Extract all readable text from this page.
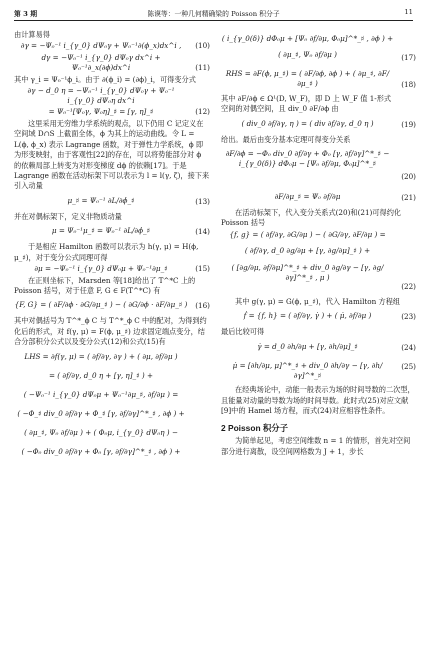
第 3 期	陈谟等：一种几何精确梁的 Poisson 积分子	11

由计算易得

∂γ = −Ψ₀⁻¹ i_{γ_0} dΨ₀γ + Ψ₀⁻¹∂(ϕ_x)dx^i ,	(10)
dγ = −Ψ₀⁻¹ i_{γ_0} dΨ₀γ dx^i + Ψ₀⁻¹∂_x(∂ϕ)dx^i	(11)

其中 γ_i = Ψ₀⁻¹ϕ_i。由于 ∂(ϕ_i) = (∂ϕ)_i，可得变分式

∂γ − d_0 η = −Ψ₀⁻¹ i_{γ_0} dΨ₀γ + Ψ₀⁻¹ i_{γ_0} dΨ₀η dx^i
= Ψ₀⁻¹[Ψ₀γ, Ψ₀η]_♯ = [γ, η]_♯	(12)

这里采用无穷维力学系统的观点，以下仍用 C 记定义在空间域 D∩S 上截面全体，ϕ 为其上的运动曲线。令 L = L(ϕ, ϕ_x) 表示 Lagrange 函数，对于弹性力学系统，ϕ 即为形变映射，由于客观性[22]的存在，可以将势能部分对 ϕ 的依赖局部上转变为对形变梯度 dϕ 的依赖[17]。于是 Lagrange 函数在活动标架下可以表示为 l = l(γ, ζ)，接下来引入动量

μ_♯ = Ψ₀⁻¹ ∂L/∂ϕ̇_♯	(13)

并在对偶标架下，定义非物质动量

μ = Ψ₀⁻¹μ_♯ = Ψ₀⁻¹ ∂L/∂ϕ̇_♯	(14)

于是相应 Hamilton 函数可以表示为 h(γ, μ) = H(ϕ, μ_♯)，对于变分公式同理可得

∂μ = −Ψ₀⁻¹ i_{γ_0} dΨ₀μ + Ψ₀⁻¹∂μ_♯	(15)

在正则坐标下，Marsden 等[18]给出了 T^*C 上的 Poisson 括号，对于任意 F, G ∈ F(T^*C) 有

{F, G} = ( ∂F/∂ϕ · ∂G/∂μ_♯ ) − ( ∂G/∂ϕ · ∂F/∂μ_♯ )	(16)

其中对偶括号为 T^*_ϕ C 与 T^*_ϕ C 中的配对，为得到约化后的形式，对 f(γ, μ) = F(ϕ, μ_♯) 边求固定端点变分，结合分部积分公式以及变分公式(12)和公式(15)有

LHS = ∂f(γ, μ) = ( ∂f/∂γ, ∂γ ) + ( ∂μ, ∂f/∂μ )
= ( ∂f/∂γ, d_0 η + [γ, η]_♯ ) +
( −Ψ₀⁻¹ i_{γ_0} dΨ₀μ + Ψ₀⁻¹∂μ_♯, ∂f/∂μ ) =
( −Φ_♯ div_0 ∂f/∂γ + Φ_♯ [γ, ∂f/∂γ]^*_♯ , ∂ϕ ) +
( ∂μ_♯, Ψ₀ ∂f/∂μ ) + ( Φ₀μ, i_{γ_0} dΨ₀η ) −
( −Φ₀ div_0 ∂f/∂γ + Φ₀ [γ, ∂f/∂γ]^*_♯ , ∂ϕ ) +
( i_{γ_0(δ)} dΦ₀μ + [Ψ₀ ∂f/∂μ, Φ₀μ]^*_♯ , ∂ϕ ) +
( ∂μ_♯, Ψ₀ ∂f/∂μ )	(17)
RHS = ∂F(ϕ, μ_♯) = ( ∂F/∂ϕ, ∂ϕ ) + ( ∂μ_♯, ∂F/∂μ_♯ )	(18)

其中 ∂F/∂ϕ ∈ Ω¹(D, W_F)，即 D 上 W_F 值 1-形式

空间的对偶空间，且 div_0 ∂F/∂ϕ 由

( div_0 ∂f/∂γ, η ) = ( div ∂f/∂γ, d_0 η )	(19)

给出。最后由变分基本定理可得变分关系

∂F/∂ϕ = −Φ₀ div_0 ∂f/∂γ + Φ₀ [γ, ∂f/∂γ]^*_♯ − i_{γ_0(δ)} dΦ₀μ − [Ψ₀ ∂f/∂μ, Φ₀μ]^*_♯
(20)
∂F/∂μ_♯ = Ψ₀ ∂f/∂μ	(21)

在活动标架下，代入变分关系式(20)和(21)可得约化 Poisson 括号

{f, g} = ( ∂f/∂γ, ∂G/∂μ ) − ( ∂G/∂γ, ∂F/∂μ ) =
( ∂f/∂γ, d_0 ∂g/∂μ + [γ, ∂g/∂μ]_♯ ) +
( [∂g/∂μ, ∂f/∂μ]^*_♯ + div_0 ∂g/∂γ − [γ, ∂g/∂γ]^*_♯ , μ )
(22)

其中 g(γ, μ) = G(ϕ, μ_♯)，代入 Hamilton 方程组

ḟ = {f, h} = ( ∂f/∂γ, γ̇ ) + ( μ̇, ∂f/∂μ )	(23)

最后比较可得

γ̇ = d_0 ∂h/∂μ + [γ, ∂h/∂μ]_♯	(24)
μ̇ = [∂h/∂μ, μ]^*_♯ + div_0 ∂h/∂γ − [γ, ∂h/∂γ]^*_♯
(25)

在经典场论中，动能一般表示为场的时间导数的二次型，且能量对动量的导数为场的时间导数。此时式(25)对应文献[9]中的 Hamel 场方程，而式(24)对应相容性条件。

2 Poisson 积分子

为简单起见，考虑空间维数 n = 1 的情形，首先对空间部分进行离散，设空间网格数为 J + 1，步长
